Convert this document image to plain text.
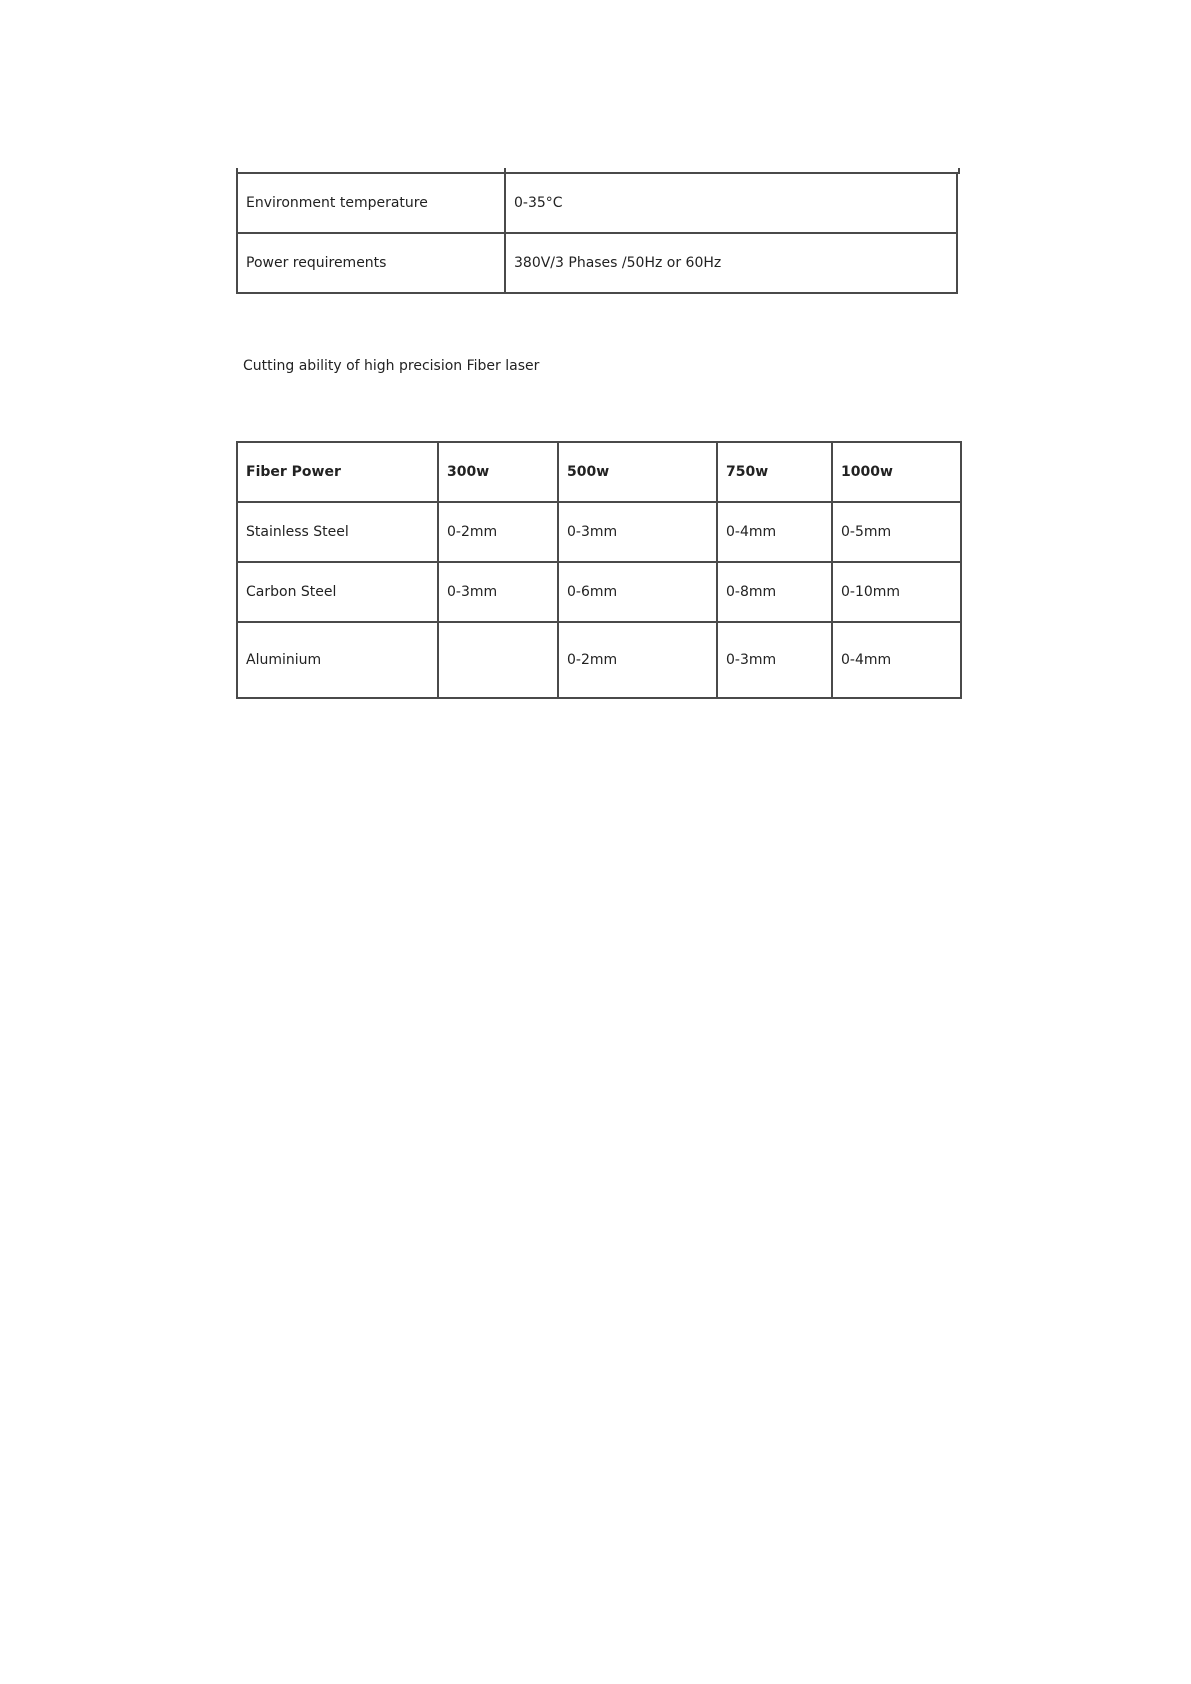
Environment temperature	0-35°C
Power requirements	380V/3 Phases /50Hz or 60Hz
Cutting ability of high precision Fiber laser
Fiber Power	300w	500w	750w	1000w
Stainless Steel	0-2mm	0-3mm	0-4mm	0-5mm
Carbon Steel	0-3mm	0-6mm	0-8mm	0-10mm
Aluminium		0-2mm	0-3mm	0-4mm
